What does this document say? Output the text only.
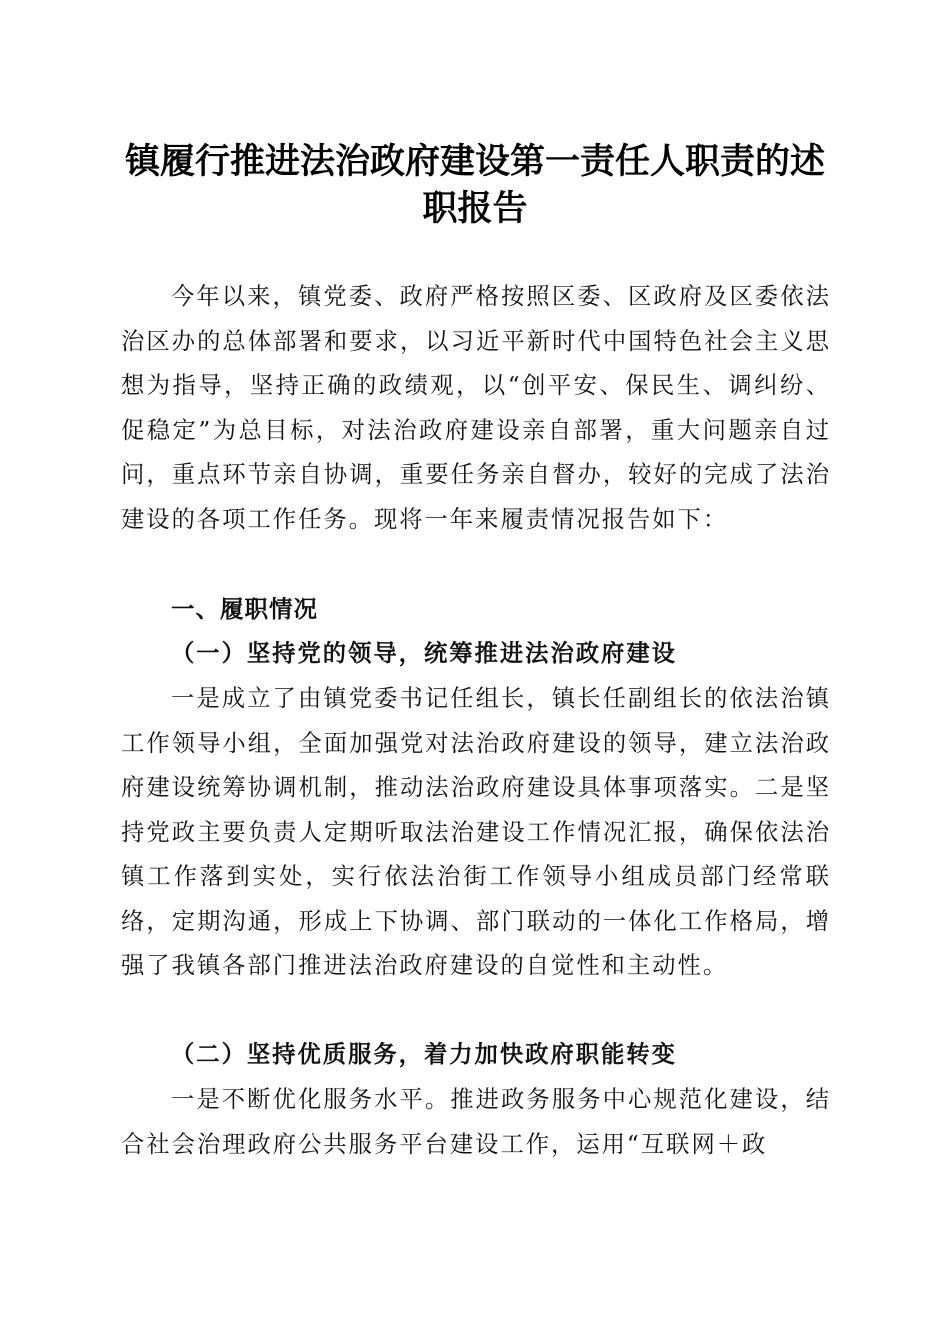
镇履行推进法治政府建设第一责任人职责的述职报告

今年以来，镇党委、政府严格按照区委、区政府及区委依法治区办的总体部署和要求，以习近平新时代中国特色社会主义思想为指导，坚持正确的政绩观，以“创平安、保民生、调纠纷、促稳定”为总目标，对法治政府建设亲自部署，重大问题亲自过问，重点环节亲自协调，重要任务亲自督办，较好的完成了法治建设的各项工作任务。现将一年来履责情况报告如下：

一、履职情况
（一）坚持党的领导，统筹推进法治政府建设

一是成立了由镇党委书记任组长，镇长任副组长的依法治镇工作领导小组，全面加强党对法治政府建设的领导，建立法治政府建设统筹协调机制，推动法治政府建设具体事项落实。二是坚持党政主要负责人定期听取法治建设工作情况汇报，确保依法治镇工作落到实处，实行依法治街工作领导小组成员部门经常联络，定期沟通，形成上下协调、部门联动的一体化工作格局，增强了我镇各部门推进法治政府建设的自觉性和主动性。

（二）坚持优质服务，着力加快政府职能转变

一是不断优化服务水平。推进政务服务中心规范化建设，结合社会治理政府公共服务平台建设工作，运用“互联网＋政
